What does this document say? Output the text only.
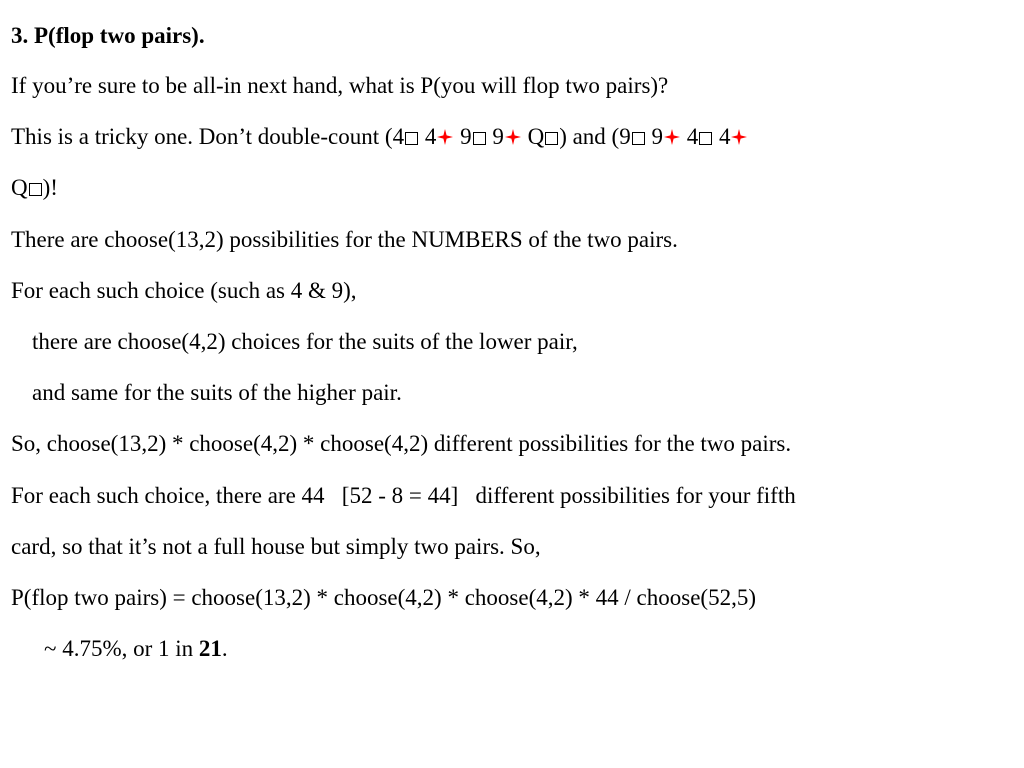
3. P(flop two pairs).
If you’re sure to be all-in next hand, what is P(you will flop two pairs)?
This is a tricky one. Don’t double-count (4 4 9 9 Q ) and (9 9 4 4
Q )!
There are choose(13,2) possibilities for the NUMBERS of the two pairs.
For each such choice (such as 4 & 9),
there are choose(4,2) choices for the suits of the lower pair,
and same for the suits of the higher pair.
So, choose(13,2) * choose(4,2) * choose(4,2) different possibilities for the two pairs.
For each such choice, there are 44   [52 - 8 = 44]   different possibilities for your fifth
card, so that it’s not a full house but simply two pairs. So,
P(flop two pairs) = choose(13,2) * choose(4,2) * choose(4,2) * 44 / choose(52,5)
~ 4.75%, or 1 in 21.
